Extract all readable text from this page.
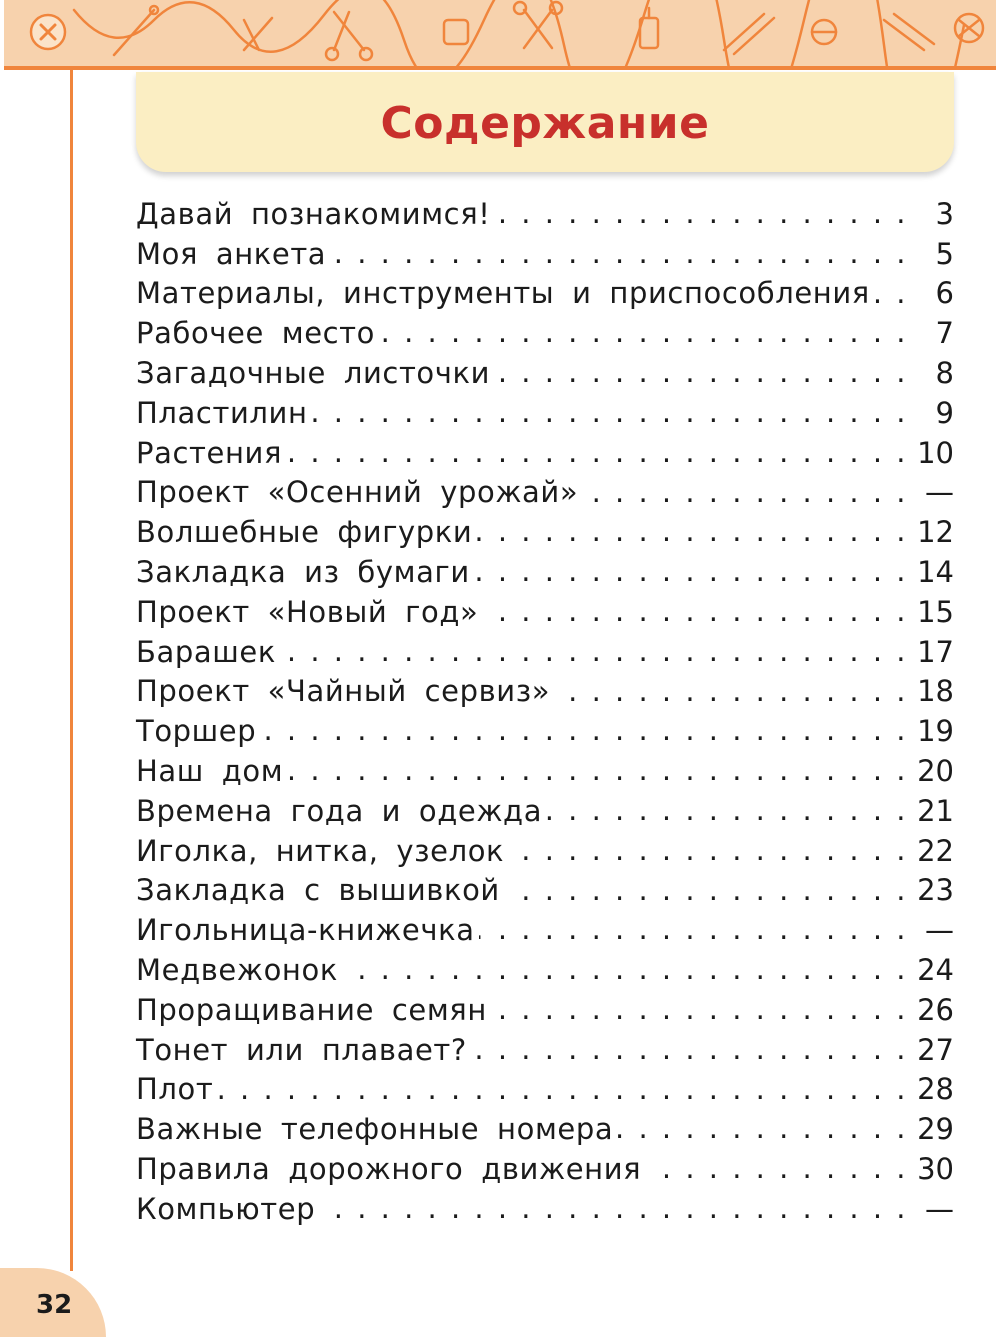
Содержание
Давай познакомимся! . . .	3
Моя анкета . . .	5
Материалы, инструменты и приспособления . . .	6
Рабочее место . . .	7
Загадочные листочки . . .	8
Пластилин . . .	9
Растения . . .	10
Проект «Осенний урожай» . . .	—
Волшебные фигурки . . .	12
Закладка из бумаги . . .	14
Проект «Новый год» . . .	15
Барашек . . .	17
Проект «Чайный сервиз» . . .	18
Торшер . . .	19
Наш дом . . .	20
Времена года и одежда . . .	21
Иголка, нитка, узелок . . .	22
Закладка с вышивкой . . .	23
Игольница-книжечка . . .	—
Медвежонок . . .	24
Проращивание семян . . .	26
Тонет или плавает? . . .	27
Плот . . .	28
Важные телефонные номера . . .	29
Правила дорожного движения . . .	30
Компьютер . . .	—
32
